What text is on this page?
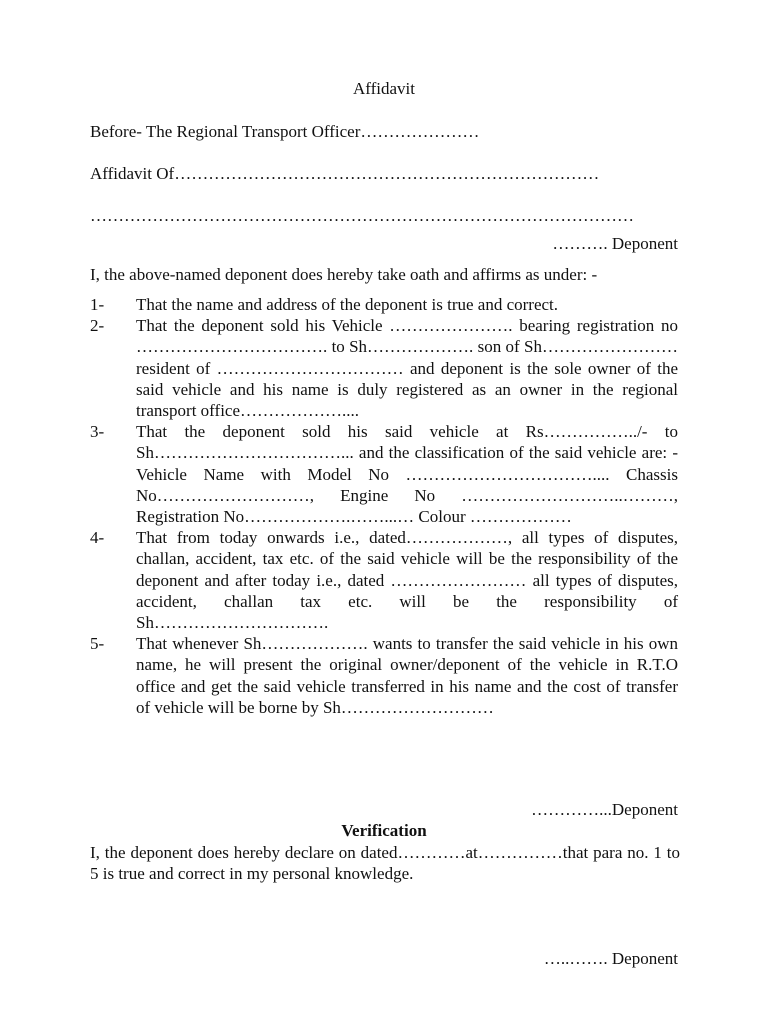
Affidavit
Before- The Regional Transport Officer…………………
Affidavit Of…………………………………………………………………
……………………………………………………………………………………
………. Deponent
I, the above-named deponent does hereby take oath and affirms as under: -
1- That the name and address of the deponent is true and correct.
2- That the deponent sold his Vehicle …………………. bearing registration no ……………………………. to Sh………………. son of Sh…………………… resident of …………………………… and deponent is the sole owner of the said vehicle and his name is duly registered as an owner in the regional transport office………………....
3- That the deponent sold his said vehicle at Rs……………../- to Sh……………………………... and the classification of the said vehicle are: - Vehicle Name with Model No …………………………….... Chassis No………………………, Engine No ………………………..………, Registration No……………….……...… Colour ………………
4- That from today onwards i.e., dated………………, all types of disputes, challan, accident, tax etc. of the said vehicle will be the responsibility of the deponent and after today i.e., dated …………………… all types of disputes, accident, challan tax etc. will be the responsibility of Sh………………………….
5- That whenever Sh………………. wants to transfer the said vehicle in his own name, he will present the original owner/deponent of the vehicle in R.T.O office and get the said vehicle transferred in his name and the cost of transfer of vehicle will be borne by Sh………………………
…………...Deponent
Verification
I, the deponent does hereby declare on dated…………at……………that para no. 1 to 5 is true and correct in my personal knowledge.
…..……. Deponent
